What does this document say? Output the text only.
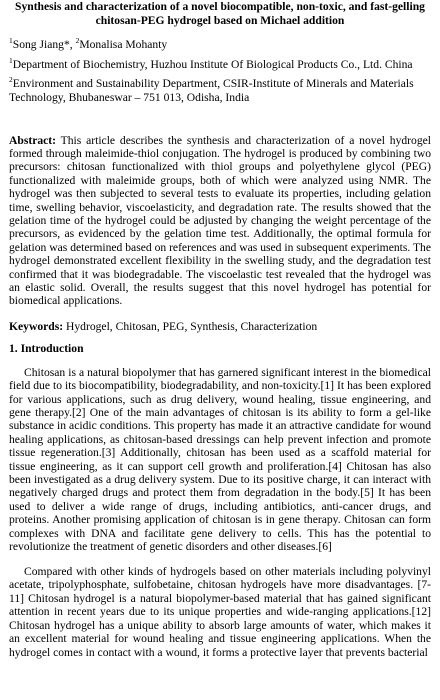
Synthesis and characterization of a novel biocompatible, non-toxic, and fast-gelling chitosan-PEG hydrogel based on Michael addition
$^1$Song Jiang*, $^2$Monalisa Mohanty
$^1$Department of Biochemistry, Huzhou Institute Of Biological Products Co., Ltd. China
$^2$Environment and Sustainability Department, CSIR-Institute of Minerals and Materials Technology, Bhubaneswar – 751 013, Odisha, India
Abstract: This article describes the synthesis and characterization of a novel hydrogel formed through maleimide-thiol conjugation. The hydrogel is produced by combining two precursors: chitosan functionalized with thiol groups and polyethylene glycol (PEG) functionalized with maleimide groups, both of which were analyzed using NMR. The hydrogel was then subjected to several tests to evaluate its properties, including gelation time, swelling behavior, viscoelasticity, and degradation rate. The results showed that the gelation time of the hydrogel could be adjusted by changing the weight percentage of the precursors, as evidenced by the gelation time test. Additionally, the optimal formula for gelation was determined based on references and was used in subsequent experiments. The hydrogel demonstrated excellent flexibility in the swelling study, and the degradation test confirmed that it was biodegradable. The viscoelastic test revealed that the hydrogel was an elastic solid. Overall, the results suggest that this novel hydrogel has potential for biomedical applications.
Keywords: Hydrogel, Chitosan, PEG, Synthesis, Characterization
1. Introduction

Chitosan is a natural biopolymer that has garnered significant interest in the biomedical field due to its biocompatibility, biodegradability, and non-toxicity.[1] It has been explored for various applications, such as drug delivery, wound healing, tissue engineering, and gene therapy.[2] One of the main advantages of chitosan is its ability to form a gel-like substance in acidic conditions. This property has made it an attractive candidate for wound healing applications, as chitosan-based dressings can help prevent infection and promote tissue regeneration.[3] Additionally, chitosan has been used as a scaffold material for tissue engineering, as it can support cell growth and proliferation.[4] Chitosan has also been investigated as a drug delivery system. Due to its positive charge, it can interact with negatively charged drugs and protect them from degradation in the body.[5] It has been used to deliver a wide range of drugs, including antibiotics, anti-cancer drugs, and proteins. Another promising application of chitosan is in gene therapy. Chitosan can form complexes with DNA and facilitate gene delivery to cells. This has the potential to revolutionize the treatment of genetic disorders and other diseases.[6]

Compared with other kinds of hydrogels based on other materials including polyvinyl acetate, tripolyphosphate, sulfobetaine, chitosan hydrogels have more disadvantages. [7-11] Chitosan hydrogel is a natural biopolymer-based material that has gained significant attention in recent years due to its unique properties and wide-ranging applications.[12] Chitosan hydrogel has a unique ability to absorb large amounts of water, which makes it an excellent material for wound healing and tissue engineering applications. When the hydrogel comes in contact with a wound, it forms a protective layer that prevents bacterial
